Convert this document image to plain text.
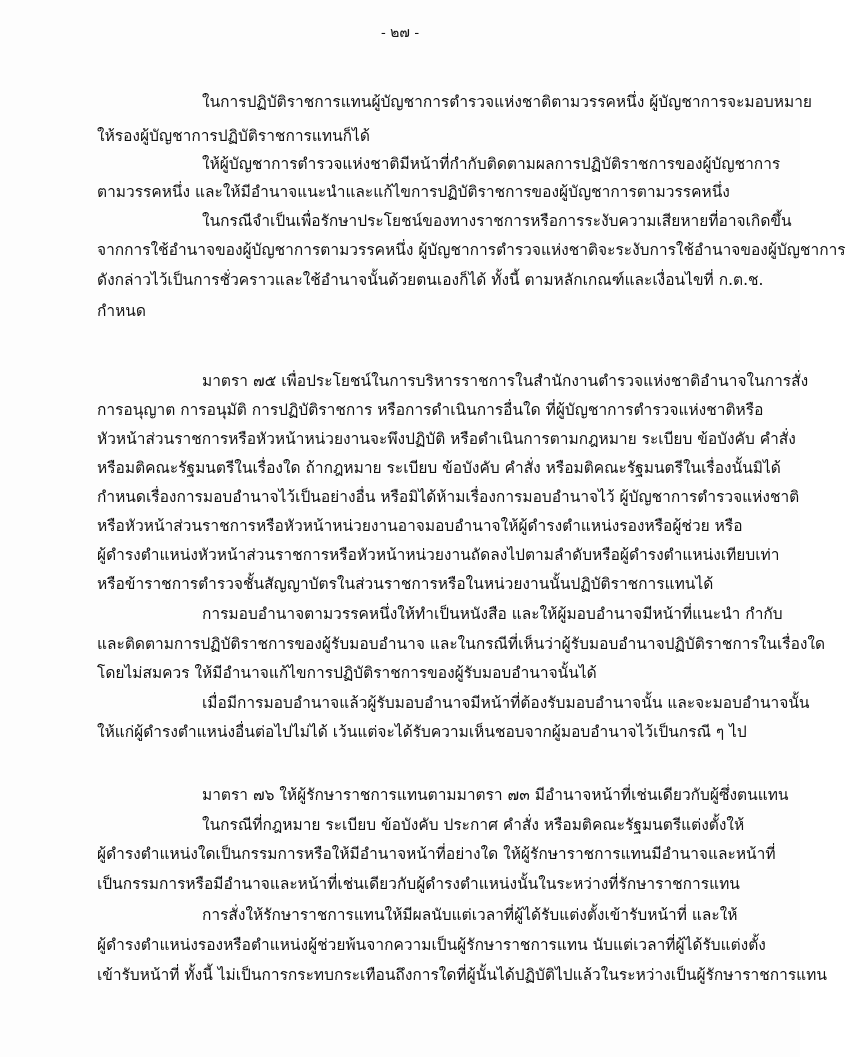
- ๒๗ -
ในการปฏิบัติราชการแทนผู้บัญชาการตำรวจแห่งชาติตามวรรคหนึ่ง ผู้บัญชาการจะมอบหมาย
ให้รองผู้บัญชาการปฏิบัติราชการแทนก็ได้
ให้ผู้บัญชาการตำรวจแห่งชาติมีหน้าที่กำกับติดตามผลการปฏิบัติราชการของผู้บัญชาการ
ตามวรรคหนึ่ง และให้มีอำนาจแนะนำและแก้ไขการปฏิบัติราชการของผู้บัญชาการตามวรรคหนึ่ง
ในกรณีจำเป็นเพื่อรักษาประโยชน์ของทางราชการหรือการระงับความเสียหายที่อาจเกิดขึ้น
จากการใช้อำนาจของผู้บัญชาการตามวรรคหนึ่ง ผู้บัญชาการตำรวจแห่งชาติจะระงับการใช้อำนาจของผู้บัญชาการ
ดังกล่าวไว้เป็นการชั่วคราวและใช้อำนาจนั้นด้วยตนเองก็ได้ ทั้งนี้ ตามหลักเกณฑ์และเงื่อนไขที่ ก.ต.ช.
กำหนด
มาตรา ๗๕ เพื่อประโยชน์ในการบริหารราชการในสำนักงานตำรวจแห่งชาติอำนาจในการสั่ง
การอนุญาต การอนุมัติ การปฏิบัติราชการ หรือการดำเนินการอื่นใด ที่ผู้บัญชาการตำรวจแห่งชาติหรือ
หัวหน้าส่วนราชการหรือหัวหน้าหน่วยงานจะพึงปฏิบัติ หรือดำเนินการตามกฎหมาย ระเบียบ ข้อบังคับ คำสั่ง
หรือมติคณะรัฐมนตรีในเรื่องใด ถ้ากฎหมาย ระเบียบ ข้อบังคับ คำสั่ง หรือมติคณะรัฐมนตรีในเรื่องนั้นมิได้
กำหนดเรื่องการมอบอำนาจไว้เป็นอย่างอื่น หรือมิได้ห้ามเรื่องการมอบอำนาจไว้ ผู้บัญชาการตำรวจแห่งชาติ
หรือหัวหน้าส่วนราชการหรือหัวหน้าหน่วยงานอาจมอบอำนาจให้ผู้ดำรงตำแหน่งรองหรือผู้ช่วย หรือ
ผู้ดำรงตำแหน่งหัวหน้าส่วนราชการหรือหัวหน้าหน่วยงานถัดลงไปตามลำดับหรือผู้ดำรงตำแหน่งเทียบเท่า
หรือข้าราชการตำรวจชั้นสัญญาบัตรในส่วนราชการหรือในหน่วยงานนั้นปฏิบัติราชการแทนได้
การมอบอำนาจตามวรรคหนึ่งให้ทำเป็นหนังสือ และให้ผู้มอบอำนาจมีหน้าที่แนะนำ กำกับ
และติดตามการปฏิบัติราชการของผู้รับมอบอำนาจ และในกรณีที่เห็นว่าผู้รับมอบอำนาจปฏิบัติราชการในเรื่องใด
โดยไม่สมควร ให้มีอำนาจแก้ไขการปฏิบัติราชการของผู้รับมอบอำนาจนั้นได้
เมื่อมีการมอบอำนาจแล้วผู้รับมอบอำนาจมีหน้าที่ต้องรับมอบอำนาจนั้น และจะมอบอำนาจนั้น
ให้แก่ผู้ดำรงตำแหน่งอื่นต่อไปไม่ได้ เว้นแต่จะได้รับความเห็นชอบจากผู้มอบอำนาจไว้เป็นกรณี ๆ ไป
มาตรา ๗๖ ให้ผู้รักษาราชการแทนตามมาตรา ๗๓ มีอำนาจหน้าที่เช่นเดียวกับผู้ซึ่งตนแทน
ในกรณีที่กฎหมาย ระเบียบ ข้อบังคับ ประกาศ คำสั่ง หรือมติคณะรัฐมนตรีแต่งตั้งให้
ผู้ดำรงตำแหน่งใดเป็นกรรมการหรือให้มีอำนาจหน้าที่อย่างใด ให้ผู้รักษาราชการแทนมีอำนาจและหน้าที่
เป็นกรรมการหรือมีอำนาจและหน้าที่เช่นเดียวกับผู้ดำรงตำแหน่งนั้นในระหว่างที่รักษาราชการแทน
การสั่งให้รักษาราชการแทนให้มีผลนับแต่เวลาที่ผู้ได้รับแต่งตั้งเข้ารับหน้าที่ และให้
ผู้ดำรงตำแหน่งรองหรือตำแหน่งผู้ช่วยพ้นจากความเป็นผู้รักษาราชการแทน นับแต่เวลาที่ผู้ได้รับแต่งตั้ง
เข้ารับหน้าที่ ทั้งนี้ ไม่เป็นการกระทบกระเทือนถึงการใดที่ผู้นั้นได้ปฏิบัติไปแล้วในระหว่างเป็นผู้รักษาราชการแทน
